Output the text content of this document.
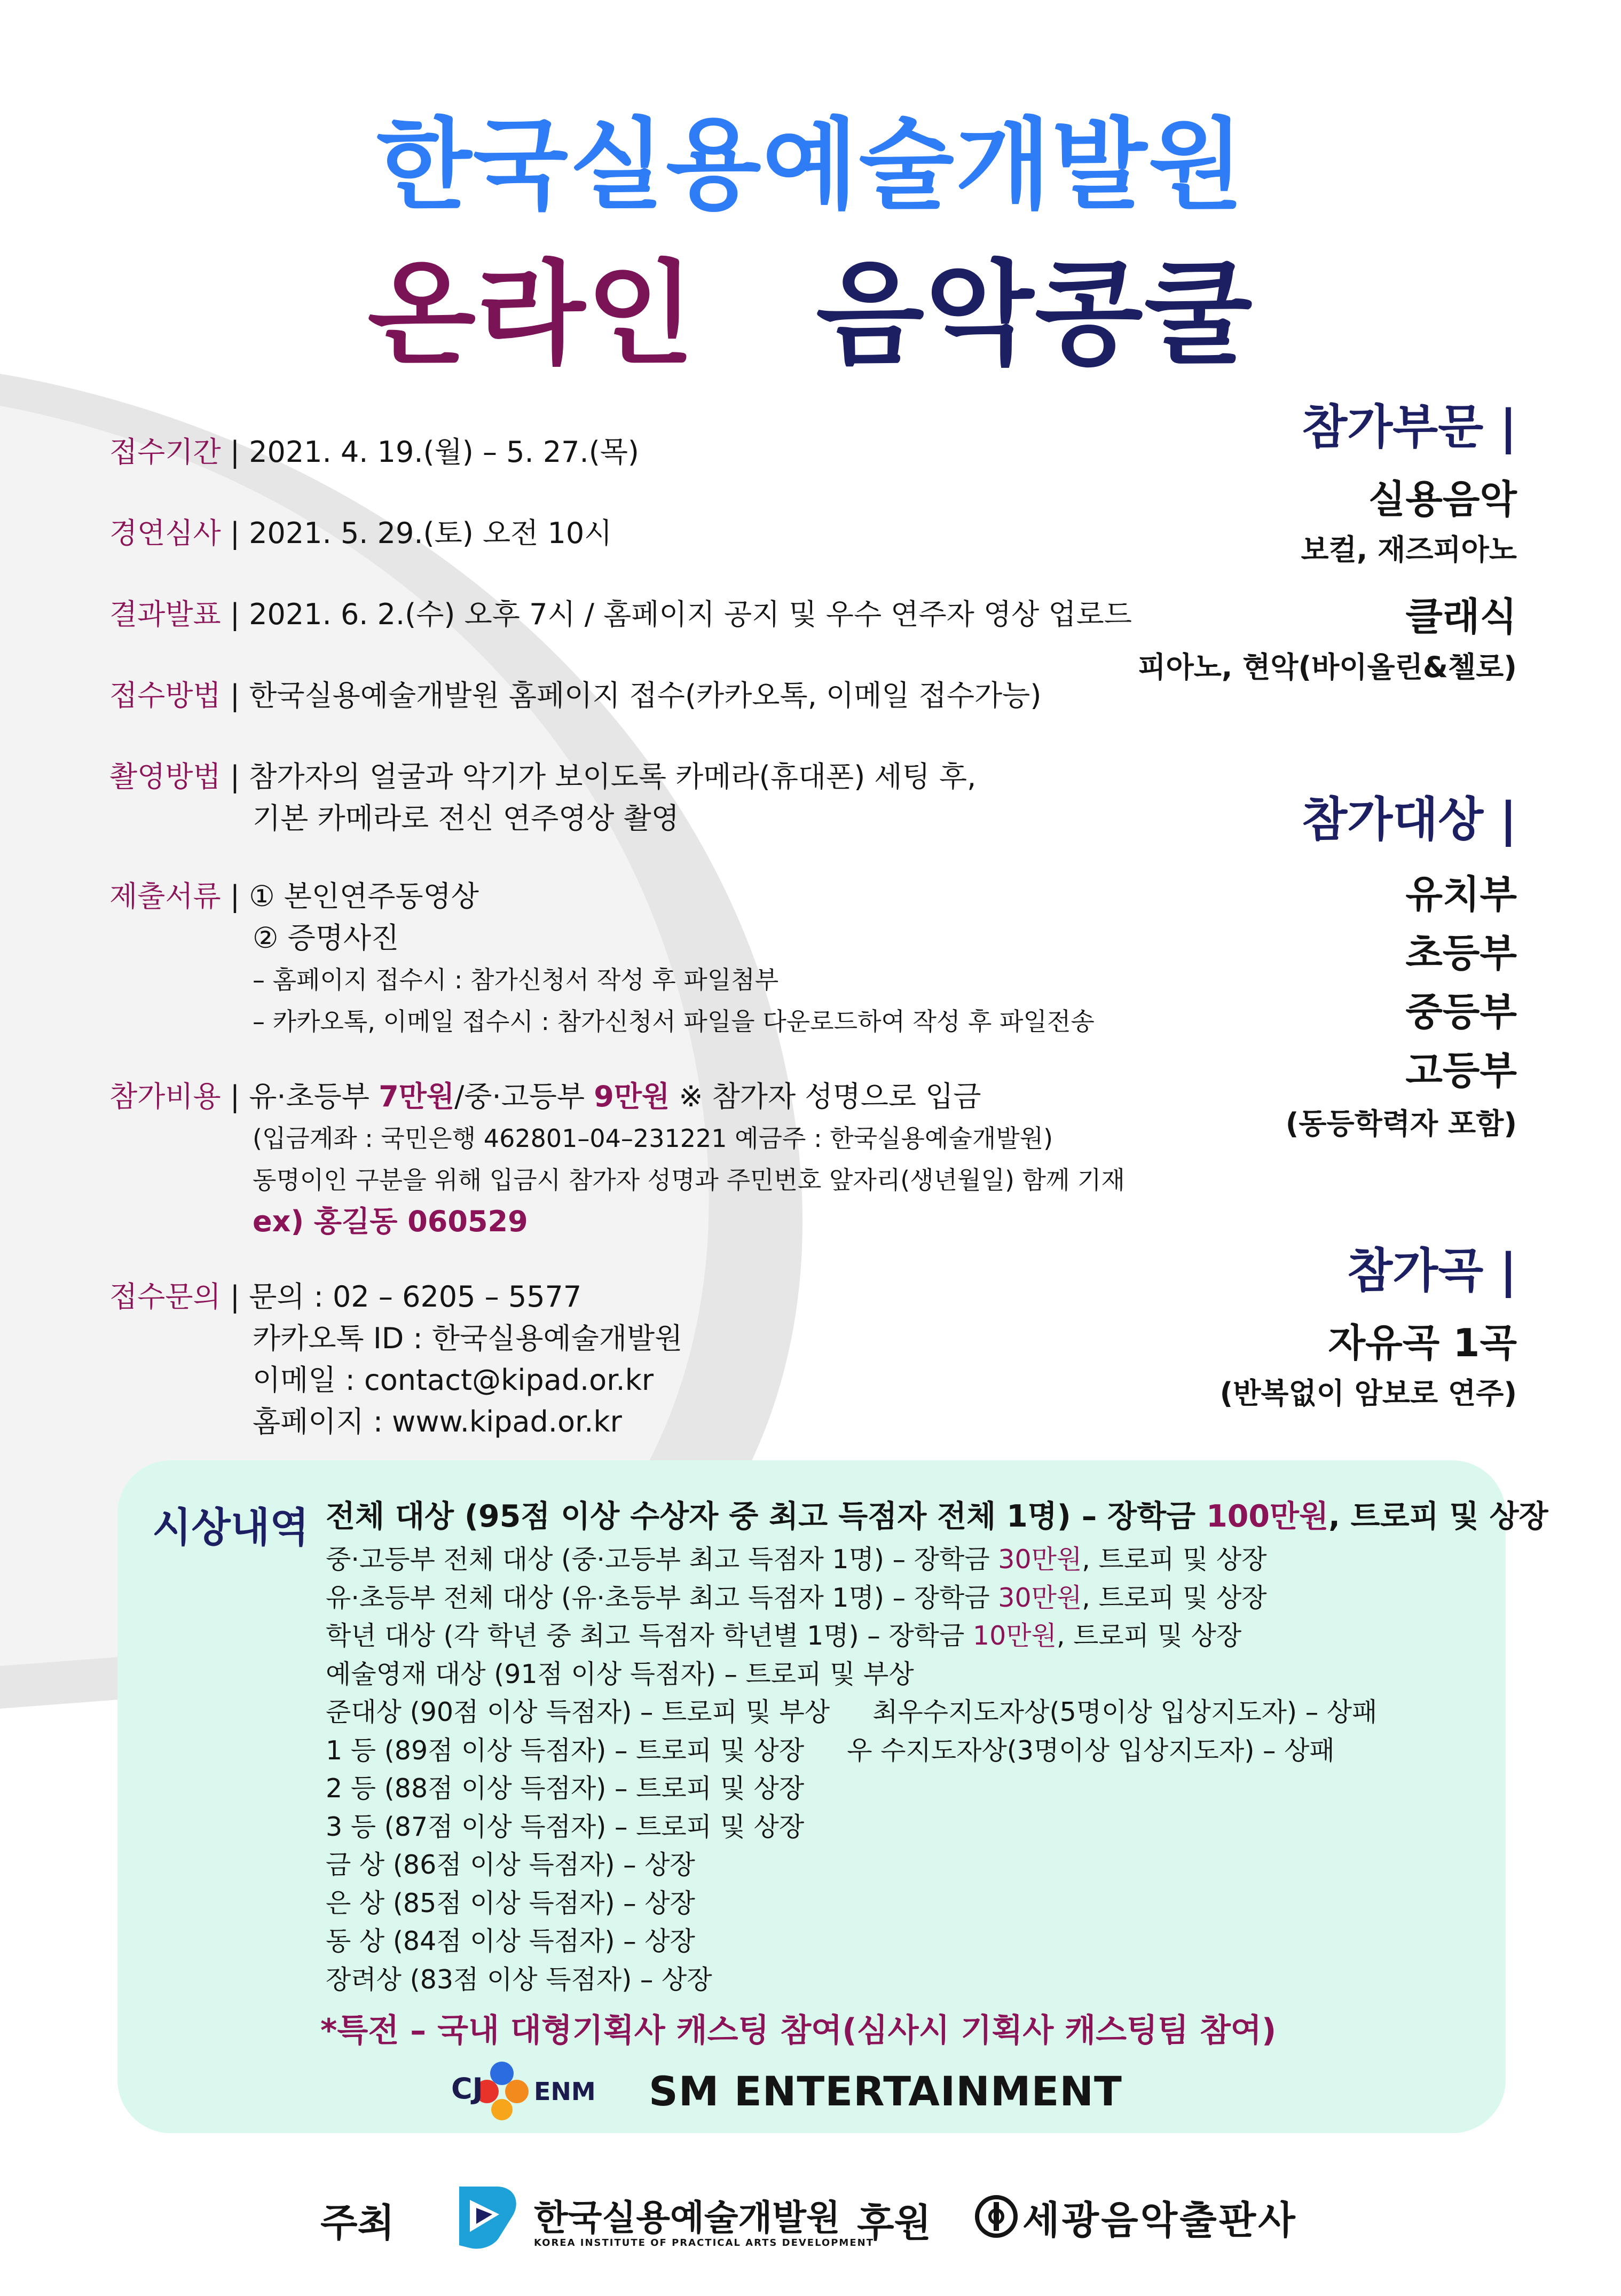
한국실용예술개발원
온라인 음악콩쿨
접수기간 | 2021. 4. 19.(월) – 5. 27.(목)
경연심사 | 2021. 5. 29.(토) 오전 10시
결과발표 | 2021. 6. 2.(수) 오후 7시 / 홈페이지 공지 및 우수 연주자 영상 업로드
접수방법 | 한국실용예술개발원 홈페이지 접수(카카오톡, 이메일 접수가능)
촬영방법 | 참가자의 얼굴과 악기가 보이도록 카메라(휴대폰) 세팅 후,
기본 카메라로 전신 연주영상 촬영
제출서류 | ① 본인연주동영상
② 증명사진
– 홈페이지 접수시 : 참가신청서 작성 후 파일첨부
– 카카오톡, 이메일 접수시 : 참가신청서 파일을 다운로드하여 작성 후 파일전송
참가비용 | 유·초등부 7만원/중·고등부 9만원 ※ 참가자 성명으로 입금
(입금계좌 : 국민은행 462801–04–231221 예금주 : 한국실용예술개발원)
동명이인 구분을 위해 입금시 참가자 성명과 주민번호 앞자리(생년월일) 함께 기재
ex) 홍길동 060529
접수문의 | 문의 : 02 – 6205 – 5577
카카오톡 ID : 한국실용예술개발원
이메일 : contact@kipad.or.kr
홈페이지 : www.kipad.or.kr
참가부문 |
실용음악
보컬, 재즈피아노
클래식
피아노, 현악(바이올린&첼로)
참가대상 |
유치부
초등부
중등부
고등부
(동등학력자 포함)
참가곡 |
자유곡 1곡
(반복없이 암보로 연주)
시상내역 전체 대상 (95점 이상 수상자 중 최고 득점자 전체 1명) – 장학금 100만원, 트로피 및 상장
중·고등부 전체 대상 (중·고등부 최고 득점자 1명) – 장학금 30만원, 트로피 및 상장
유·초등부 전체 대상 (유·초등부 최고 득점자 1명) – 장학금 30만원, 트로피 및 상장
학년 대상 (각 학년 중 최고 득점자 학년별 1명) – 장학금 10만원, 트로피 및 상장
예술영재 대상 (91점 이상 득점자) – 트로피 및 부상
준대상 (90점 이상 득점자) – 트로피 및 부상 최우수지도자상(5명이상 입상지도자) – 상패
1 등 (89점 이상 득점자) – 트로피 및 상장 우 수지도자상(3명이상 입상지도자) – 상패
2 등 (88점 이상 득점자) – 트로피 및 상장
3 등 (87점 이상 득점자) – 트로피 및 상장
금 상 (86점 이상 득점자) – 상장
은 상 (85점 이상 득점자) – 상장
동 상 (84점 이상 득점자) – 상장
장려상 (83점 이상 득점자) – 상장
*특전 – 국내 대형기획사 캐스팅 참여(심사시 기획사 캐스팅팀 참여)
CJ ENM SM ENTERTAINMENT
주최	한국실용예술개발원
KOREA INSTITUTE OF PRACTICAL ARTS DEVELOPMENT
후원 세광음악출판사
